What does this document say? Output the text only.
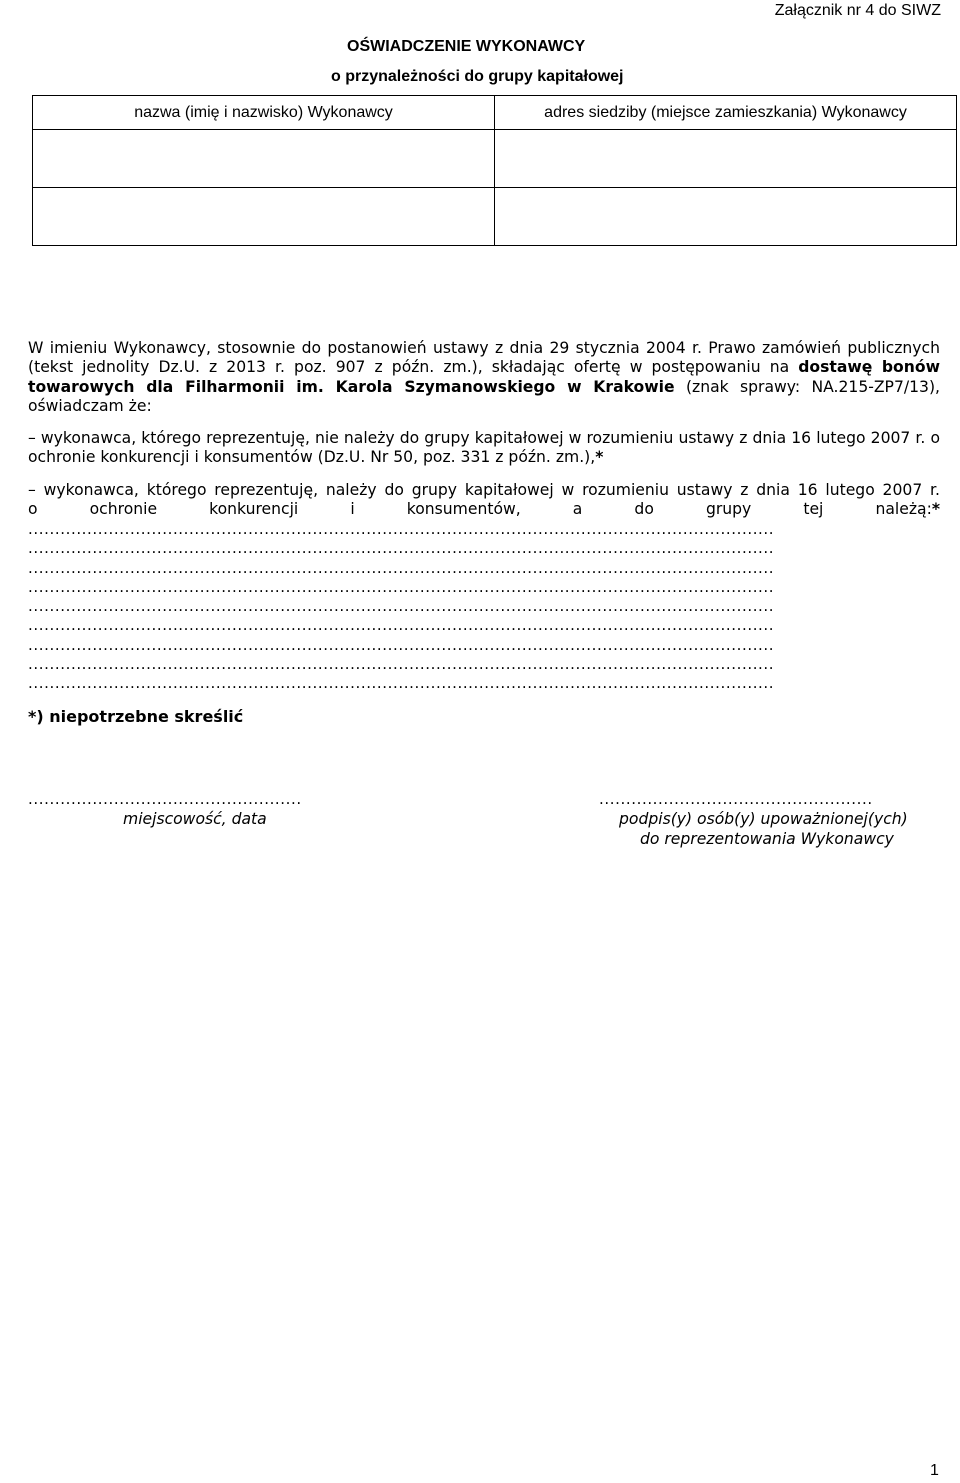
Załącznik nr 4 do SIWZ
OŚWIADCZENIE WYKONAWCY
o przynależności do grupy kapitałowej
nazwa (imię i nazwisko) Wykonawcy	adres siedziby (miejsce zamieszkania) Wykonawcy

W imieniu Wykonawcy, stosownie do postanowień ustawy z dnia 29 stycznia 2004 r. Prawo zamówień publicznych (tekst jednolity Dz.U. z 2013 r. poz. 907 z późn. zm.), składając ofertę w postępowaniu na dostawę bonów towarowych dla Filharmonii im. Karola Szymanowskiego w Krakowie (znak sprawy: NA.215-ZP7/13), oświadczam że:
– wykonawca, którego reprezentuję, nie należy do grupy kapitałowej w rozumieniu ustawy z dnia 16 lutego 2007 r. o ochronie konkurencji i konsumentów (Dz.U. Nr 50, poz. 331 z późn. zm.),*
– wykonawca, którego reprezentuję, należy do grupy kapitałowej w rozumieniu ustawy z dnia 16 lutego 2007 r.
o ochronie konkurencji i konsumentów, a do grupy tej należą:*
...........................................................................................................................................
...........................................................................................................................................
...........................................................................................................................................
...........................................................................................................................................
...........................................................................................................................................
...........................................................................................................................................
...........................................................................................................................................
...........................................................................................................................................
...........................................................................................................................................
*) niepotrzebne skreślić
...................................................	...................................................
miejscowość, data	podpis(y) osób(y) upoważnionej(ych)
do reprezentowania Wykonawcy
1
